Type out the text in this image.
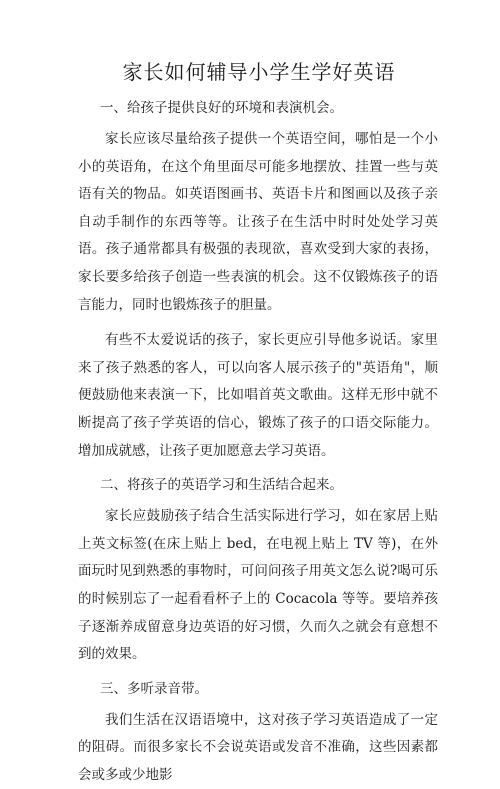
家长如何辅导小学生学好英语
一、给孩子提供良好的环境和表演机会。

家长应该尽量给孩子提供一个英语空间，哪怕是一个小小的英语角，在这个角里面尽可能多地摆放、挂置一些与英语有关的物品。如英语图画书、英语卡片和图画以及孩子亲自动手制作的东西等等。让孩子在生活中时时处处学习英语。孩子通常都具有极强的表现欲，喜欢受到大家的表扬，家长要多给孩子创造一些表演的机会。这不仅锻炼孩子的语言能力，同时也锻炼孩子的胆量。

有些不太爱说话的孩子，家长更应引导他多说话。家里来了孩子熟悉的客人，可以向客人展示孩子的"英语角"，顺便鼓励他来表演一下，比如唱首英文歌曲。这样无形中就不断提高了孩子学英语的信心，锻炼了孩子的口语交际能力。增加成就感，让孩子更加愿意去学习英语。

二、将孩子的英语学习和生活结合起来。

家长应鼓励孩子结合生活实际进行学习，如在家居上贴上英文标签(在床上贴上 bed，在电视上贴上 TV 等)，在外面玩时见到熟悉的事物时，可问问孩子用英文怎么说?喝可乐的时候别忘了一起看看杯子上的 Cocacola 等等。要培养孩子逐渐养成留意身边英语的好习惯，久而久之就会有意想不到的效果。

三、多听录音带。

我们生活在汉语语境中，这对孩子学习英语造成了一定的阻碍。而很多家长不会说英语或发音不准确，这些因素都会或多或少地影
